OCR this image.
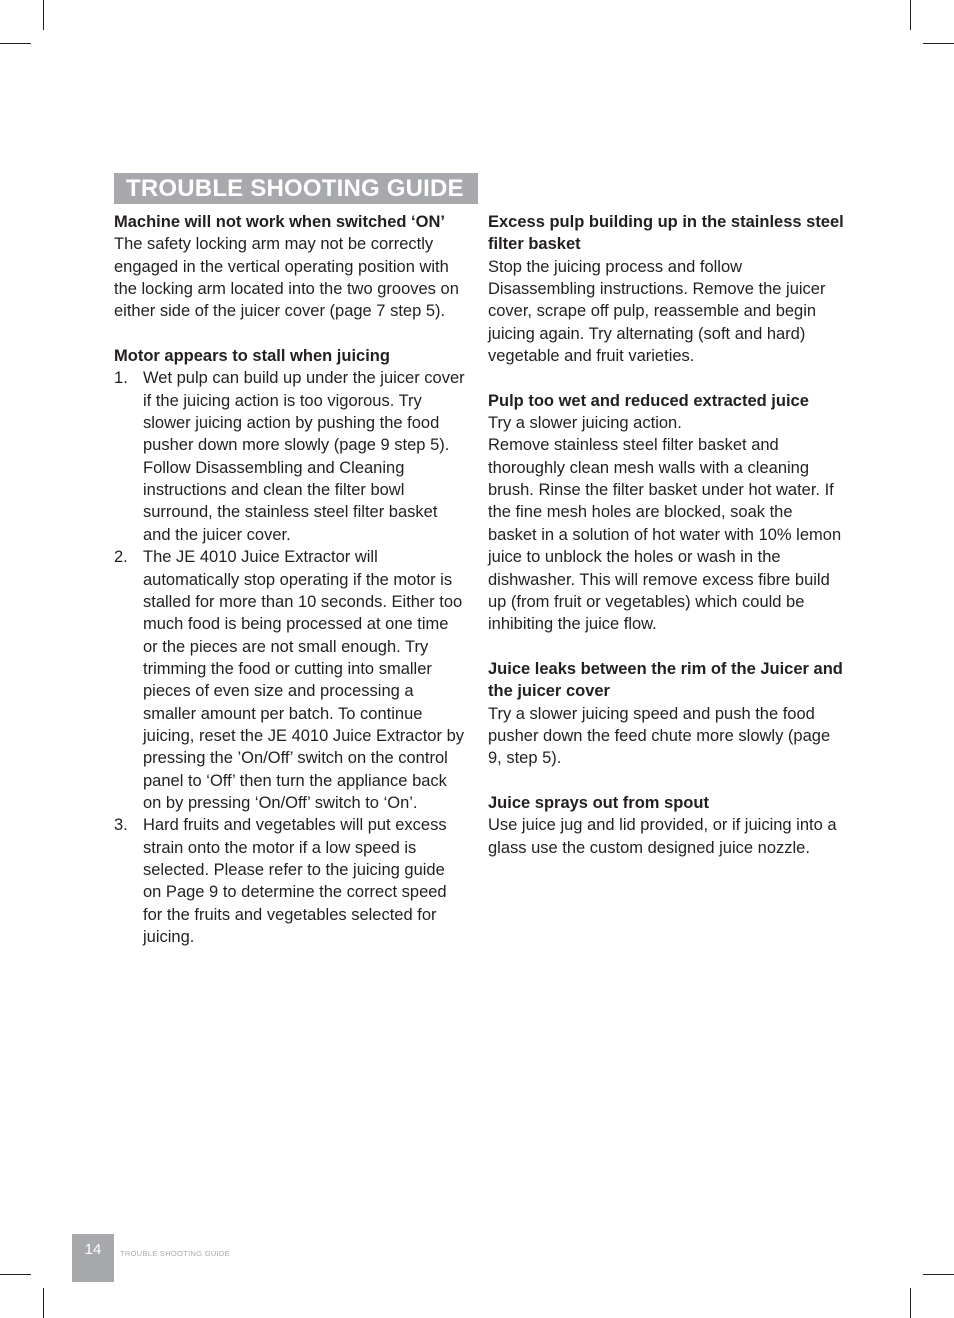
TROUBLE SHOOTING GUIDE
Machine will not work when switched ‘ON’

The safety locking arm may not be correctly engaged in the vertical operating position with the locking arm located into the two grooves on either side of the juicer cover (page 7 step 5).

Motor appears to stall when juicing
1. Wet pulp can build up under the juicer cover if the juicing action is too vigorous. Try slower juicing action by pushing the food pusher down more slowly (page 9 step 5). Follow Disassembling and Cleaning instructions and clean the filter bowl surround, the stainless steel filter basket and the juicer cover.
2. The JE 4010 Juice Extractor will automatically stop operating if the motor is stalled for more than 10 seconds. Either too much food is being processed at one time or the pieces are not small enough. Try trimming the food or cutting into smaller pieces of even size and processing a smaller amount per batch. To continue juicing, reset the JE 4010 Juice Extractor by pressing the ’On/Off’ switch on the control panel to ‘Off’ then turn the appliance back on by pressing ‘On/Off’ switch to ‘On’.
3. Hard fruits and vegetables will put excess strain onto the motor if a low speed is selected. Please refer to the juicing guide on Page 9 to determine the correct speed for the fruits and vegetables selected for juicing.
Excess pulp building up in the stainless steel filter basket

Stop the juicing process and follow Disassembling instructions. Remove the juicer cover, scrape off pulp, reassemble and begin juicing again. Try alternating (soft and hard) vegetable and fruit varieties.

Pulp too wet and reduced extracted juice

Try a slower juicing action.

Remove stainless steel filter basket and thoroughly clean mesh walls with a cleaning brush. Rinse the filter basket under hot water. If the fine mesh holes are blocked, soak the basket in a solution of hot water with 10% lemon juice to unblock the holes or wash in the dishwasher. This will remove excess fibre build up (from fruit or vegetables) which could be inhibiting the juice flow.

Juice leaks between the rim of the Juicer and the juicer cover

Try a slower juicing speed and push the food pusher down the feed chute more slowly (page 9, step 5).

Juice sprays out from spout

Use juice jug and lid provided, or if juicing into a glass use the custom designed juice nozzle.

14	TROUBLE SHOOTING GUIDE
